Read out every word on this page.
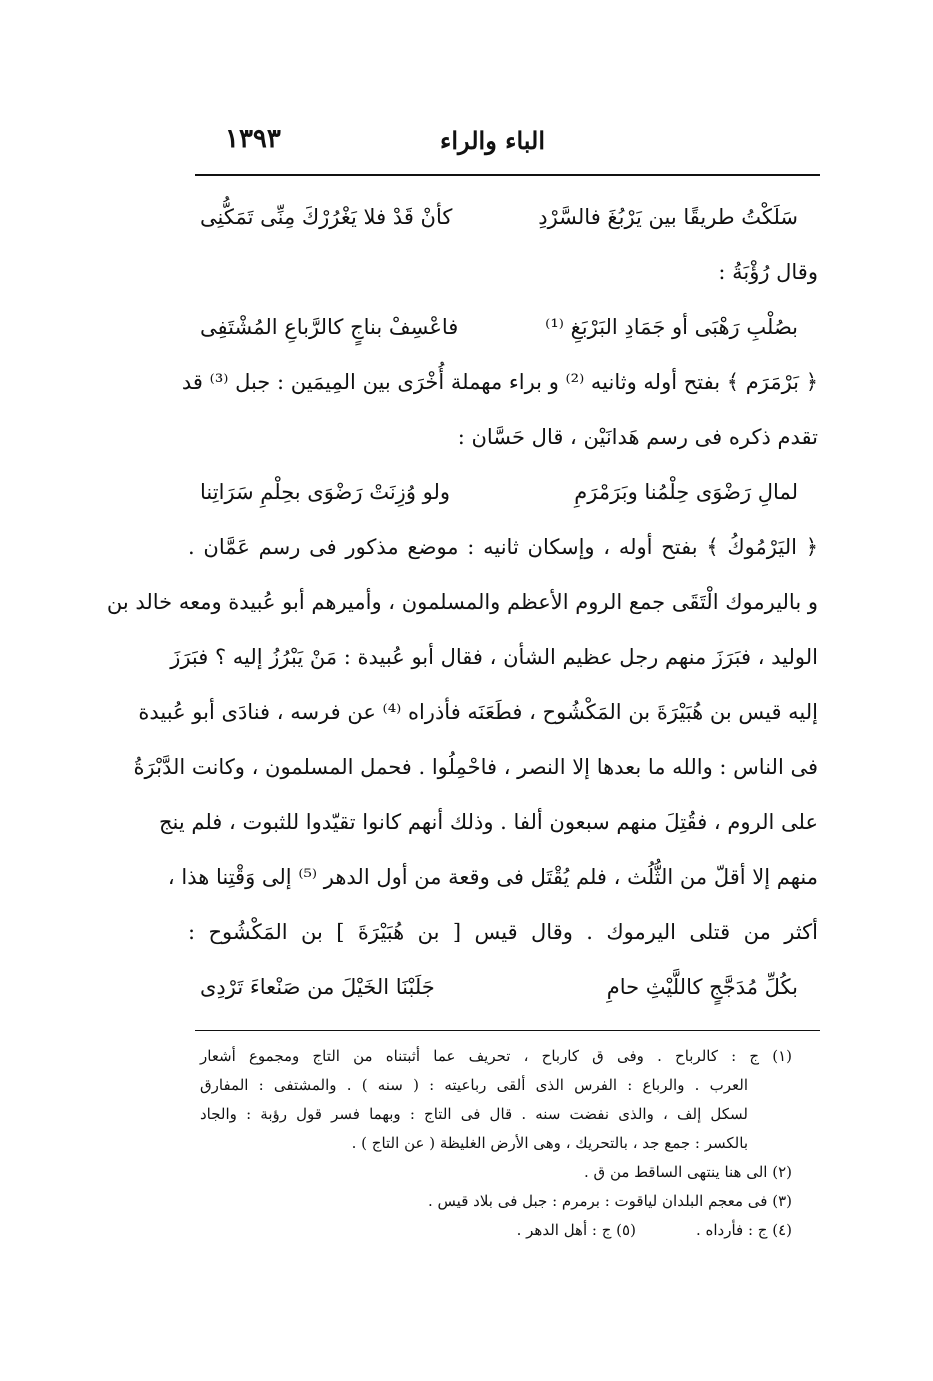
الباء والراء
١٣٩٣
سَلَكْتُ طريقًا بين يَرْبُغَ فالسَّرْدِ
كأنْ قَدْ فلا يَغْرُرْكَ مِنِّى تَمَكُّنِى
وقال رُؤْبَةُ :
بصُلْبِ رَهْبَى أو جَمَادِ البَرْبَغِ ⁽¹⁾
فاعْسِفْ بناجٍ كالرَّباعِ المُشْتَفِى
﴿ بَرْمَرَم ﴾ بفتح أوله وثانيه ⁽²⁾ و براء مهملة أُخْرَى بين المِيمَين : جبل ⁽³⁾ قد
تقدم ذكره فى رسم هَدانَيْن ، قال حَسَّان :
لمالِ رَضْوَى حِلْمُنا وبَرَمْرَمِ
ولو وُزِنَتْ رَضْوَى بحِلْمِ سَرَاتِنا
﴿ اليَرْمُوكُ ﴾ بفتح أوله ، وإسكان ثانيه : موضع مذكور فى رسم عَمَّان .
و باليرموك الْتَقَى جمع الروم الأعظم والمسلمون ، وأميرهم أبو عُبيدة ومعه خالد بن
الوليد ، فبَرَزَ منهم رجل عظيم الشأن ، فقال أبو عُبيدة : مَنْ يَبْرُزُ إليه ؟ فبَرَزَ
إليه قيس بن هُبَيْرَةَ بن المَكْشُوح ، فطَعَنَه فأذراه ⁽⁴⁾ عن فرسه ، فنادَى أبو عُبيدة
فى الناس : والله ما بعدها إلا النصر ، فاحْمِلُوا . فحمل المسلمون ، وكانت الدَّبْرَةُ
على الروم ، فقُتِلَ منهم سبعون ألفا . وذلك أنهم كانوا تقيّدوا للثبوت ، فلم ينج
منهم إلا أقلّ من الثُّلُث ، فلم يُقْتَل فى وقعة من أول الدهر ⁽⁵⁾ إلى وَقْتِنا هذا ،
أكثر من قتلى اليرموك . وقال قيس [ بن هُبَيْرَةَ ] بن المَكْشُوح :
بكُلِّ مُدَجَّجٍ كاللَّيْثِ حامِ
جَلَبْنَا الخَيْلَ من صَنْعاءَ تَرْدِى
(١) ج : كالرباح . وفى ق كارباح ، تحريف عما أثبتناه من التاج ومجموع أشعار
العرب . والرباع : الفرس الذى ألقى رباعيته : ( سنه ) . والمشتفى : المفارق
لسكل إلف ، والذى نفضت سنه . قال فى التاج : وبهما فسر قول رؤبة : والجاد
بالكسر : جمع جد ، بالتحريك ، وهى الأرض الغليظة ( عن التاج ) .
(٢) الى هنا ينتهى الساقط من ق .
(٣) فى معجم البلدان لياقوت : برمرم : جبل فى بلاد قيس .
(٤) ج : فأرداه .
(٥) ج : أهل الدهر .
